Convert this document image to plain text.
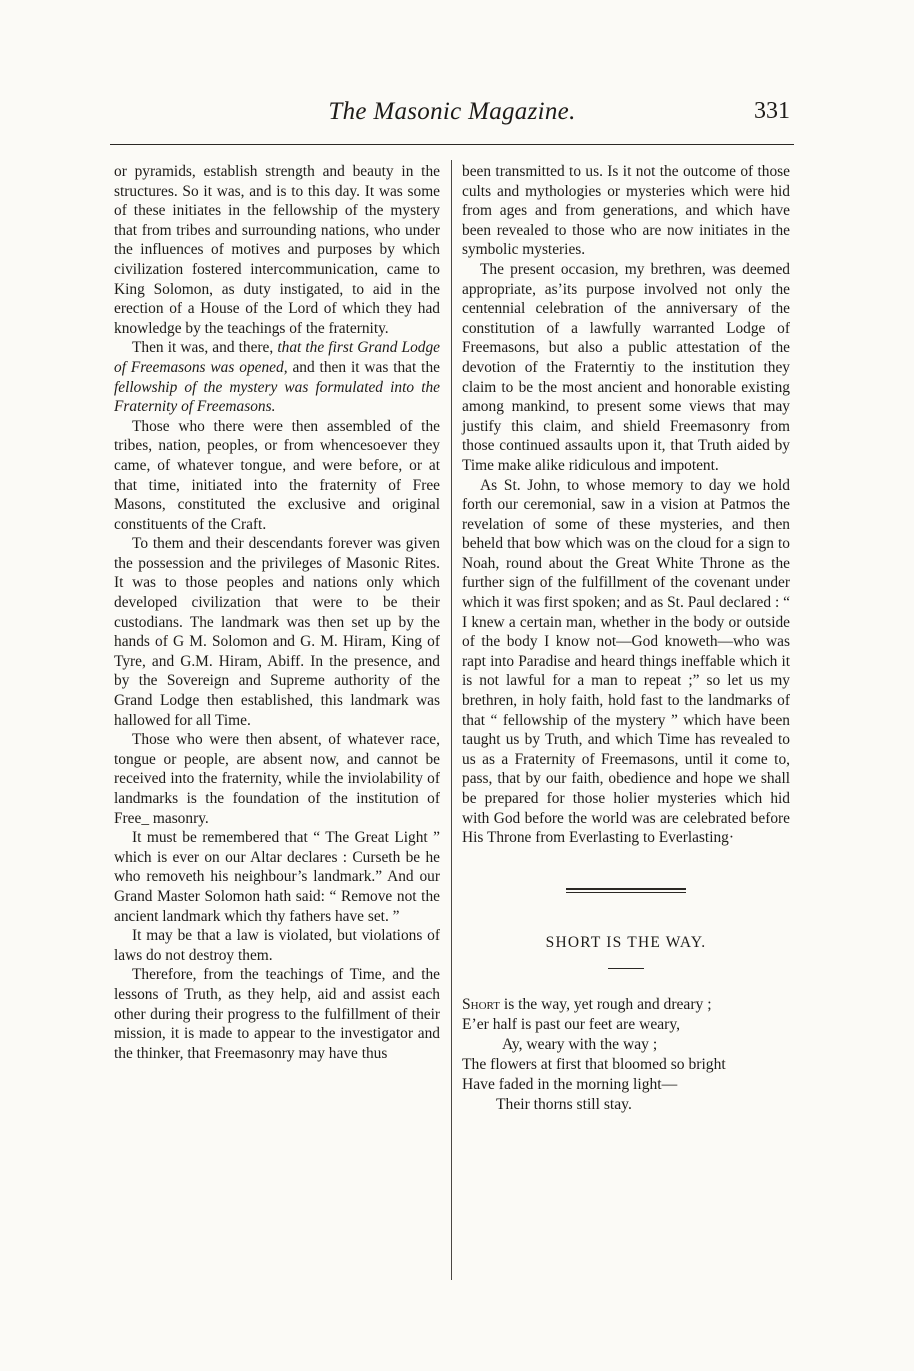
The Masonic Magazine.	331

or pyramids, establish strength and beauty in the structures. So it was, and is to this day. It was some of these initiates in the fellowship of the mystery that from tribes and surrounding nations, who under the influences of motives and purposes by which civilization fostered intercommunication, came to King Solomon, as duty instigated, to aid in the erection of a House of the Lord of which they had knowledge by the teachings of the fraternity.

Then it was, and there, that the first Grand Lodge of Freemasons was opened, and then it was that the fellowship of the mystery was formulated into the Fraternity of Freemasons.

Those who there were then assembled of the tribes, nation, peoples, or from whencesoever they came, of whatever tongue, and were before, or at that time, initiated into the fraternity of Free Masons, constituted the exclusive and original constituents of the Craft.

To them and their descendants forever was given the possession and the privileges of Masonic Rites. It was to those peoples and nations only which developed civilization that were to be their custodians. The landmark was then set up by the hands of G M. Solomon and G. M. Hiram, King of Tyre, and G.M. Hiram, Abiff. In the presence, and by the Sovereign and Supreme authority of the Grand Lodge then established, this landmark was hallowed for all Time.

Those who were then absent, of whatever race, tongue or people, are absent now, and cannot be received into the fraternity, while the inviolability of landmarks is the foundation of the institution of Free_ masonry.

It must be remembered that “ The Great Light ” which is ever on our Altar declares : Curseth be he who removeth his neighbour’s landmark.” And our Grand Master Solomon hath said: “ Remove not the ancient landmark which thy fathers have set. ”

It may be that a law is violated, but violations of laws do not destroy them.

Therefore, from the teachings of Time, and the lessons of Truth, as they help, aid and assist each other during their progress to the fulfillment of their mission, it is made to appear to the investigator and the thinker, that Freemasonry may have thus

been transmitted to us. Is it not the outcome of those cults and mythologies or mysteries which were hid from ages and from generations, and which have been revealed to those who are now initiates in the symbolic mysteries.

The present occasion, my brethren, was deemed appropriate, as’its purpose involved not only the centennial celebration of the anniversary of the constitution of a lawfully warranted Lodge of Freemasons, but also a public attestation of the devotion of the Fraterntiy to the institution they claim to be the most ancient and honorable existing among mankind, to present some views that may justify this claim, and shield Freemasonry from those continued assaults upon it, that Truth aided by Time make alike ridiculous and impotent.

As St. John, to whose memory to day we hold forth our ceremonial, saw in a vision at Patmos the revelation of some of these mysteries, and then beheld that bow which was on the cloud for a sign to Noah, round about the Great White Throne as the further sign of the fulfillment of the covenant under which it was first spoken; and as St. Paul declared : “ I knew a certain man, whether in the body or outside of the body I know not—God knoweth—who was rapt into Paradise and heard things ineffable which it is not lawful for a man to repeat ;” so let us my brethren, in holy faith, hold fast to the landmarks of that “ fellowship of the mystery ” which have been taught us by Truth, and which Time has revealed to us as a Fraternity of Freemasons, until it come to, pass, that by our faith, obedience and hope we shall be prepared for those holier mysteries which hid with God before the world was are celebrated before His Throne from Everlasting to Everlasting·

SHORT IS THE WAY.
Short is the way, yet rough and dreary ;
E’er half is past our feet are weary,
Ay, weary with the way ;
The flowers at first that bloomed so bright
Have faded in the morning light—
Their thorns still stay.
